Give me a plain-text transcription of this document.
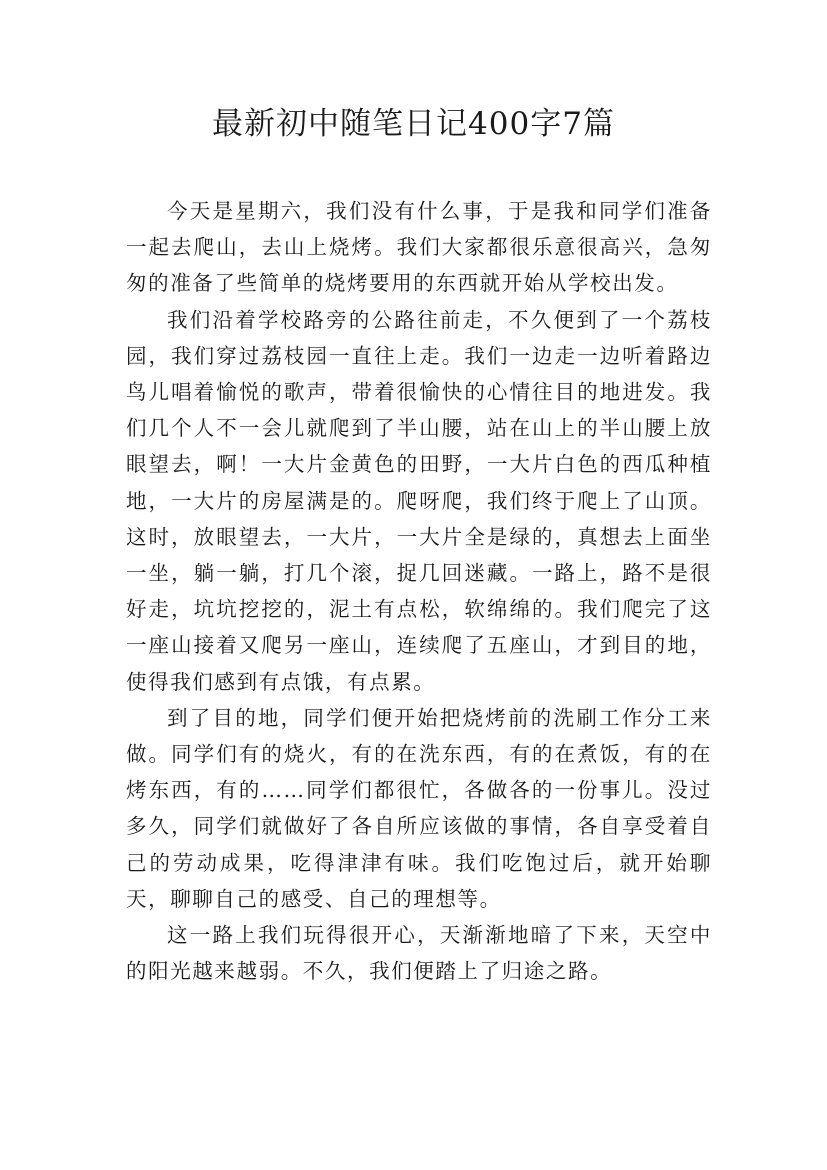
最新初中随笔日记400字7篇

今天是星期六，我们没有什么事，于是我和同学们准备一起去爬山，去山上烧烤。我们大家都很乐意很高兴，急匆匆的准备了些简单的烧烤要用的东西就开始从学校出发。

我们沿着学校路旁的公路往前走，不久便到了一个荔枝园，我们穿过荔枝园一直往上走。我们一边走一边听着路边鸟儿唱着愉悦的歌声，带着很愉快的心情往目的地进发。我们几个人不一会儿就爬到了半山腰，站在山上的半山腰上放眼望去，啊！一大片金黄色的田野，一大片白色的西瓜种植地，一大片的房屋满是的。爬呀爬，我们终于爬上了山顶。这时，放眼望去，一大片，一大片全是绿的，真想去上面坐一坐，躺一躺，打几个滚，捉几回迷藏。一路上，路不是很好走，坑坑挖挖的，泥土有点松，软绵绵的。我们爬完了这一座山接着又爬另一座山，连续爬了五座山，才到目的地，使得我们感到有点饿，有点累。

到了目的地，同学们便开始把烧烤前的洗刷工作分工来做。同学们有的烧火，有的在洗东西，有的在煮饭，有的在烤东西，有的……同学们都很忙，各做各的一份事儿。没过多久，同学们就做好了各自所应该做的事情，各自享受着自己的劳动成果，吃得津津有味。我们吃饱过后，就开始聊天，聊聊自己的感受、自己的理想等。

这一路上我们玩得很开心，天渐渐地暗了下来，天空中的阳光越来越弱。不久，我们便踏上了归途之路。
